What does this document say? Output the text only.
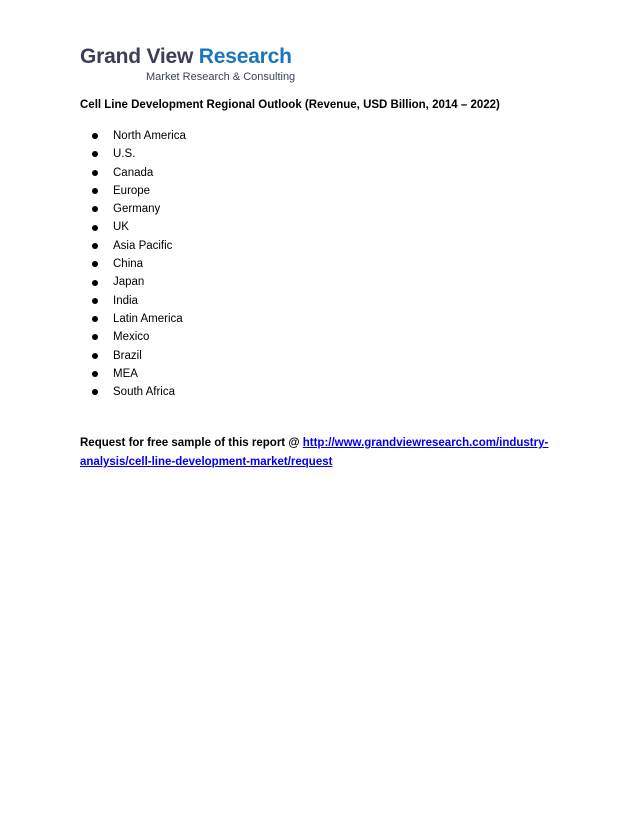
Grand View Research
Market Research & Consulting
Cell Line Development Regional Outlook (Revenue, USD Billion, 2014 – 2022)
North America
U.S.
Canada
Europe
Germany
UK
Asia Pacific
China
Japan
India
Latin America
Mexico
Brazil
MEA
South Africa
Request for free sample of this report @ http://www.grandviewresearch.com/industry-
analysis/cell-line-development-market/request
